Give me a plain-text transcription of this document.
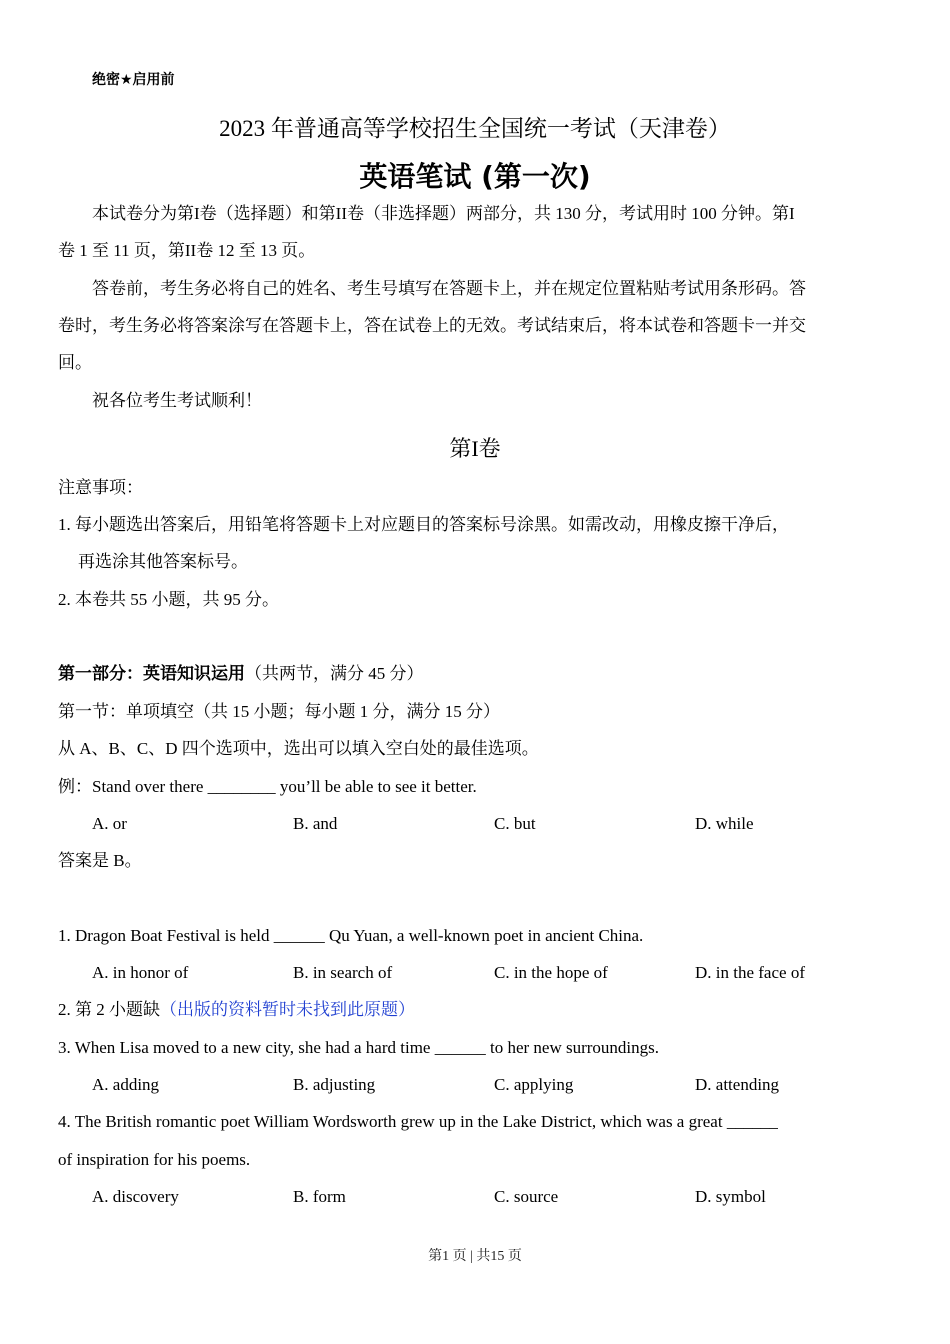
绝密★启用前
2023 年普通高等学校招生全国统一考试（天津卷）
英语笔试 (第一次)
本试卷分为第I卷（选择题）和第II卷（非选择题）两部分，共 130 分，考试用时 100 分钟。第I
卷 1 至 11 页，第II卷 12 至 13 页。
答卷前，考生务必将自己的姓名、考生号填写在答题卡上，并在规定位置粘贴考试用条形码。答
卷时，考生务必将答案涂写在答题卡上，答在试卷上的无效。考试结束后，将本试卷和答题卡一并交
回。
祝各位考生考试顺利！
第I卷
注意事项：
1. 每小题选出答案后，用铅笔将答题卡上对应题目的答案标号涂黑。如需改动，用橡皮擦干净后，
再选涂其他答案标号。
2. 本卷共 55 小题，共 95 分。
第一部分：英语知识运用（共两节，满分 45 分）
第一节：单项填空（共 15 小题；每小题 1 分，满分 15 分）
从 A、B、C、D 四个选项中，选出可以填入空白处的最佳选项。
例：Stand over there ________ you’ll be able to see it better.
A. or	B. and	C. but	D. while
答案是 B。
1. Dragon Boat Festival is held ______ Qu Yuan, a well-known poet in ancient China.
A. in honor of	B. in search of	C. in the hope of	D. in the face of
2. 第 2 小题缺（出版的资料暂时未找到此原题）
3. When Lisa moved to a new city, she had a hard time ______ to her new surroundings.
A. adding	B. adjusting	C. applying	D. attending
4. The British romantic poet William Wordsworth grew up in the Lake District, which was a great ______
of inspiration for his poems.
A. discovery	B. form	C. source	D. symbol
第1 页 | 共15 页
